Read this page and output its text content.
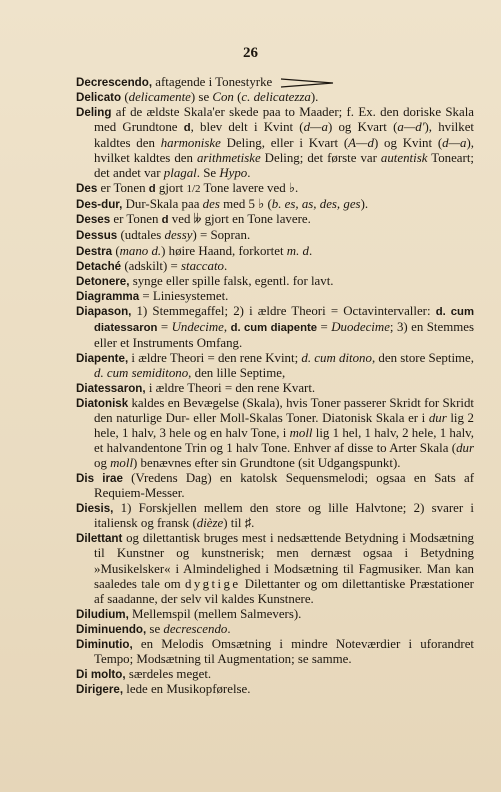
26

Decrescendo, aftagende i Tonestyrke

Delicato (delicamente) se Con (c. delicatezza).

Deling af de ældste Skala'er skede paa to Maader; f. Ex. den doriske Skala med Grundtone d, blev delt i Kvint (d—a) og Kvart (a—d'), hvilket kaldtes den harmoniske Deling, eller i Kvart (A—d) og Kvint (d—a), hvilket kaldtes den arithmetiske Deling; det første var autentisk Toneart; det andet var plagal. Se Hypo.

Des er Tonen d gjort 1/2 Tone lavere ved ♭.

Des-dur, Dur-Skala paa des med 5 ♭ (b. es, as, des, ges).

Deses er Tonen d ved 𝄫 gjort en Tone lavere.

Dessus (udtales dessy) = Sopran.

Destra (mano d.) høire Haand, forkortet m. d.

Detaché (adskilt) = staccato.

Detonere, synge eller spille falsk, egentl. for lavt.

Diagramma = Liniesystemet.

Diapason, 1) Stemmegaffel; 2) i ældre Theori = Octavintervaller: d. cum diatessaron = Undecime, d. cum diapente = Duodecime; 3) en Stemmes eller et Instruments Omfang.

Diapente, i ældre Theori = den rene Kvint; d. cum ditono, den store Septime, d. cum semiditono, den lille Septime,

Diatessaron, i ældre Theori = den rene Kvart.

Diatonisk kaldes en Bevægelse (Skala), hvis Toner passerer Skridt for Skridt den naturlige Dur- eller Moll-Skalas Toner. Diatonisk Skala er i dur lig 2 hele, 1 halv, 3 hele og en halv Tone, i moll lig 1 hel, 1 halv, 2 hele, 1 halv, et halvandentone Trin og 1 halv Tone. Enhver af disse to Arter Skala (dur og moll) benævnes efter sin Grundtone (sit Udgangspunkt).

Dis irae (Vredens Dag) en katolsk Sequensmelodi; ogsaa en Sats af Requiem-Messer.

Diesis, 1) Forskjellen mellem den store og lille Halvtone; 2) svarer i italiensk og fransk (dièze) til ♯.

Dilettant og dilettantisk bruges mest i nedsættende Betydning i Modsætning til Kunstner og kunstnerisk; men dernæst ogsaa i Betydning »Musikelsker« i Almindelighed i Modsætning til Fagmusiker. Man kan saaledes tale om dygtige Dilettanter og om dilettantiske Præstationer af saadanne, der selv vil kaldes Kunstnere.

Diludium, Mellemspil (mellem Salmevers).

Diminuendo, se decrescendo.

Diminutio, en Melodis Omsætning i mindre Noteværdier i uforandret Tempo; Modsætning til Augmentation; se samme.

Di molto, særdeles meget.

Dirigere, lede en Musikopførelse.
